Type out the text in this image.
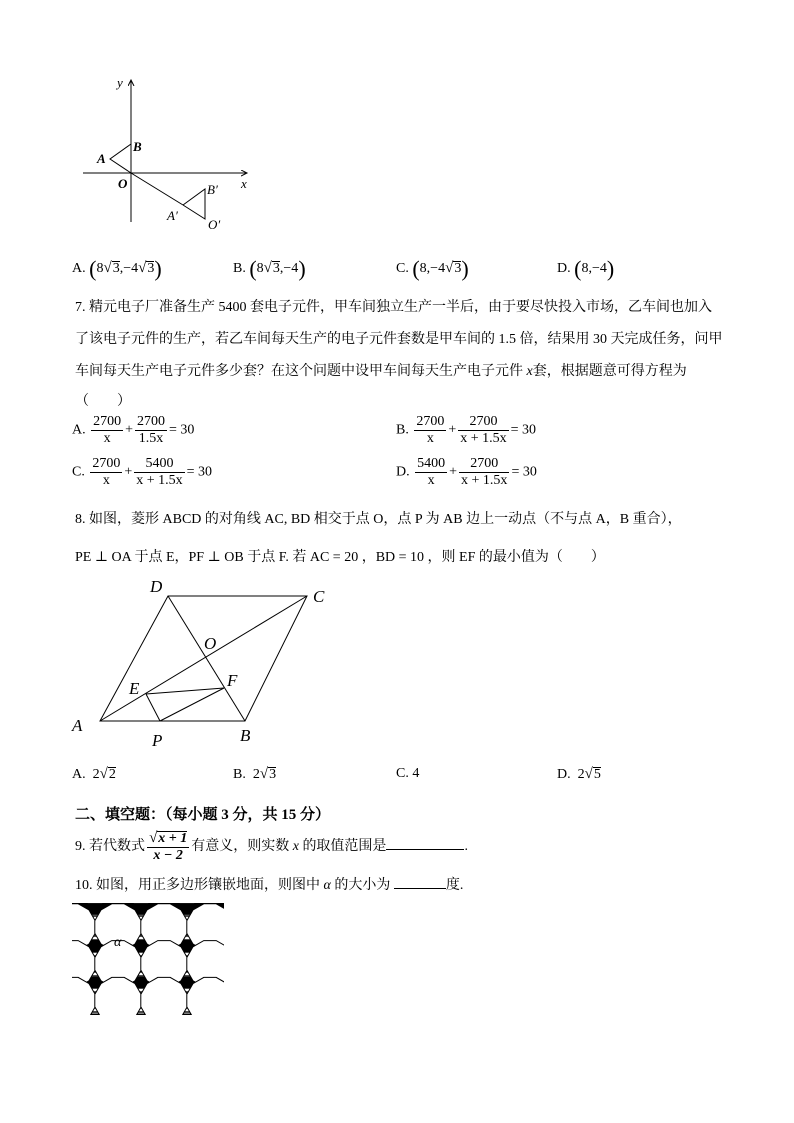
y
x
B
A
O	B′
A′
O′
A. (8√3,−4√3)	B. (8√3,−4)	C. (8,−4√3)	D. (8,−4)
7. 精元电子厂准备生产 5400 套电子元件，甲车间独立生产一半后，由于要尽快投入市场，乙车间也加入
了该电子元件的生产，若乙车间每天生产的电子元件套数是甲车间的 1.5 倍，结果用 30 天完成任务，问甲
车间每天生产电子元件多少套？在这个问题中设甲车间每天生产电子元件 x套，根据题意可得方程为
（　　）
A. $\frac{2700}{x} + \frac{2700}{1.5x} = 30$	B. $\frac{2700}{x} + \frac{2700}{x + 1.5x} = 30$
C. $\frac{2700}{x} + \frac{5400}{x + 1.5x} = 30$	D. $\frac{5400}{x} + \frac{2700}{x + 1.5x} = 30$
8. 如图，菱形 ABCD 的对角线 AC, BD 相交于点 O，点 P 为 AB 边上一动点（不与点 A，B 重合），
PE ⊥ OA 于点 E，PF ⊥ OB 于点 F. 若 AC = 20 ，BD = 10 ，则 EF 的最小值为（　　）
D
C
O
F
E
A
P	B
A. 2√2	B. 2√3	C. 4	D. 2√5
二、填空题：（每小题 3 分，共 15 分）
9. 若代数式 $\frac{√x + 1}{x - 2}$ 有意义，则实数 x 的取值范围是	.
10. 如图，用正多边形镶嵌地面，则图中 α 的大小为	度.
α
